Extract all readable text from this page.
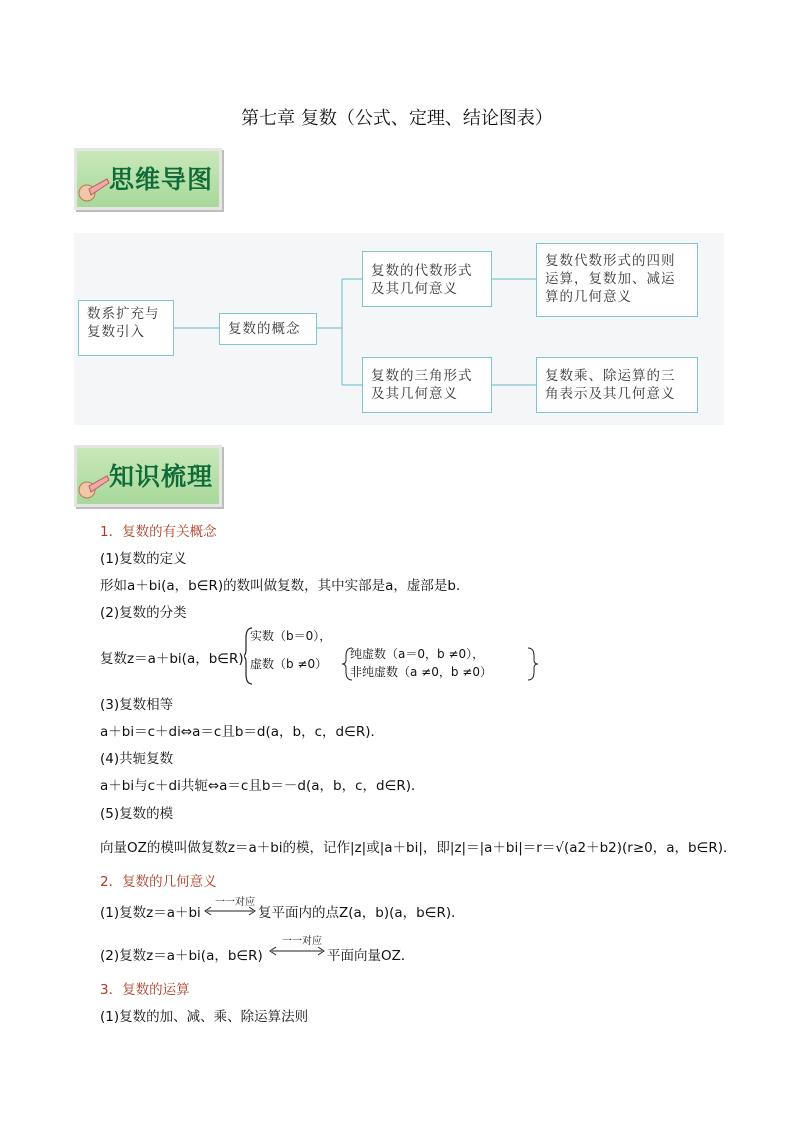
第七章 复数（公式、定理、结论图表）
思维导图
数系扩充与复数引入	复数的概念
复数的代数形式及其几何意义
复数代数形式的四则运算，复数加、减运算的几何意义
复数的三角形式及其几何意义
复数乘、除运算的三角表示及其几何意义
知识梳理
1．复数的有关概念
(1)复数的定义
形如a＋bi(a，b∈R)的数叫做复数，其中实部是a，虚部是b．
(2)复数的分类
复数z＝a＋bi(a，b∈R)
实数（b＝0），
虚数（b ≠0）
纯虚数（a＝0，b ≠0），
非纯虚数（a ≠0，b ≠0）
(3)复数相等
a＋bi＝c＋di⇔a＝c且b＝d(a，b，c，d∈R)．
(4)共轭复数
a＋bi与c＋di共轭⇔a＝c且b＝－d(a，b，c，d∈R)．
(5)复数的模
向量OZ的模叫做复数z＝a＋bi的模，记作|z|或|a＋bi|，即|z|＝|a＋bi|＝r＝√(a2＋b2)(r≥0，a，b∈R)．
2．复数的几何意义
(1)复数z＝a＋bi
一一对应
复平面内的点Z(a，b)(a，b∈R)．
(2)复数z＝a＋bi(a，b∈R)
一一对应
平面向量OZ．
3．复数的运算
(1)复数的加、减、乘、除运算法则
